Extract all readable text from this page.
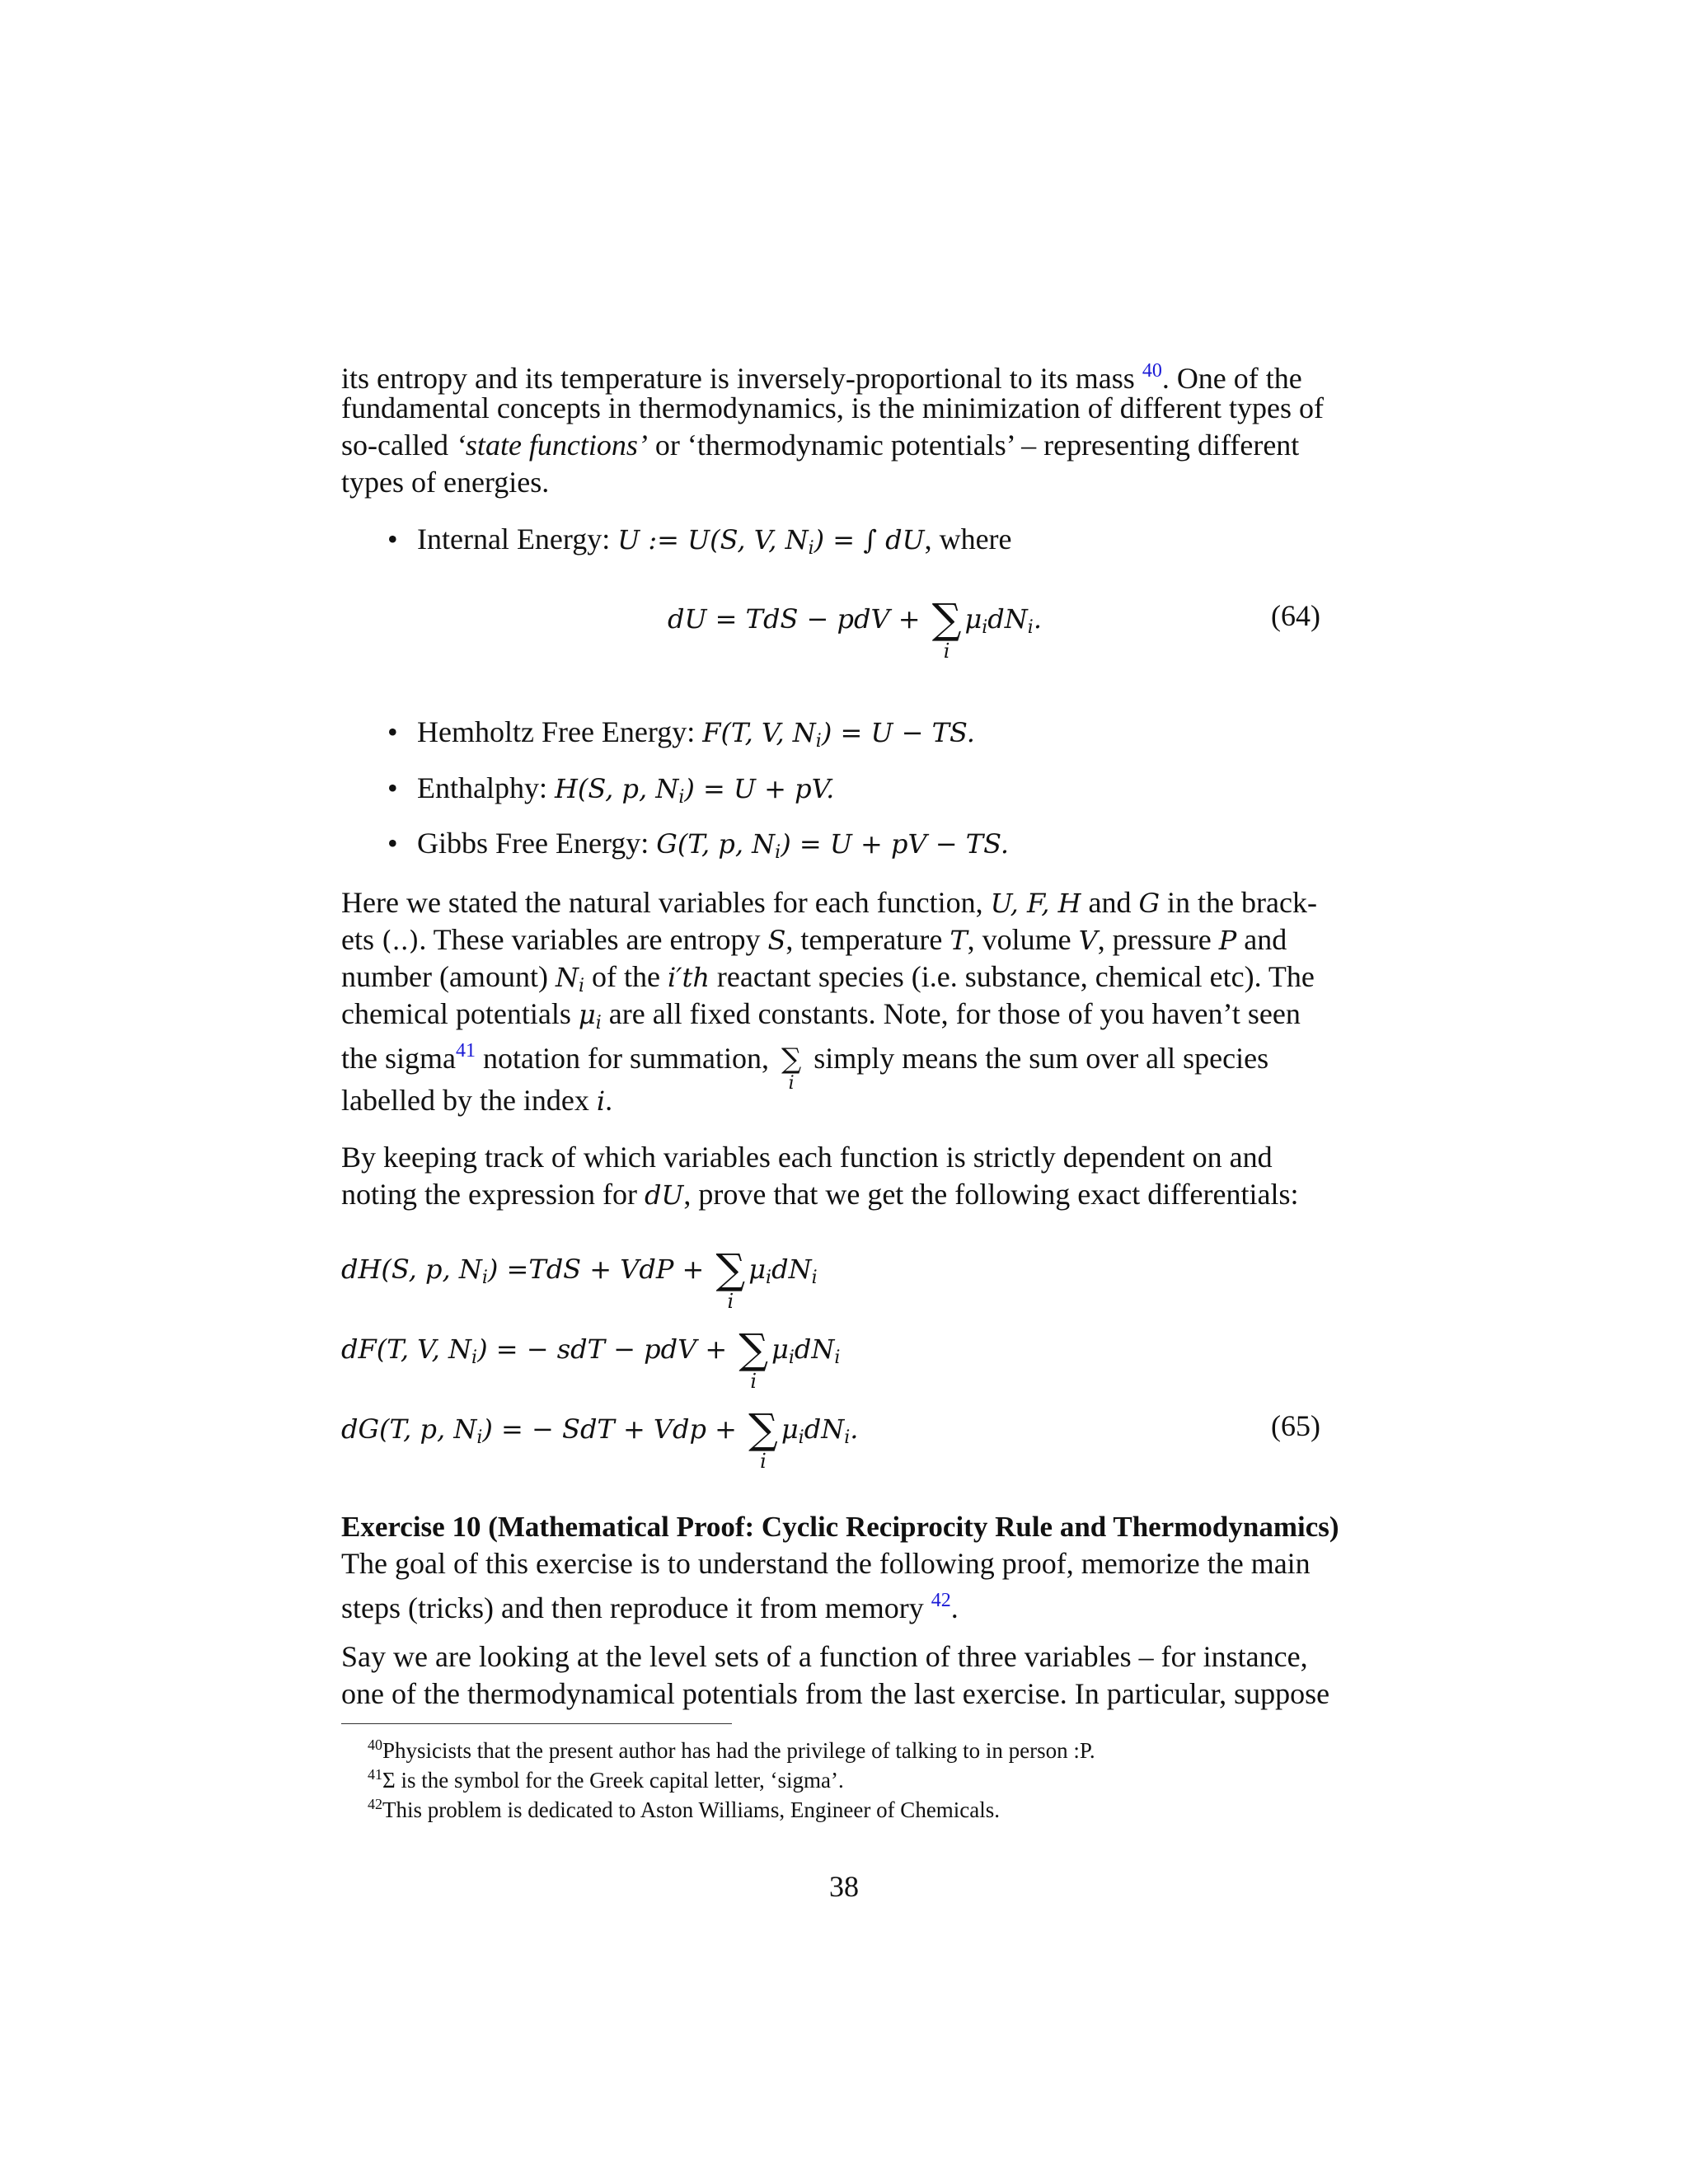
its entropy and its temperature is inversely-proportional to its mass $^{40}$. One of the
fundamental concepts in thermodynamics, is the minimization of different types of
so-called ‘state functions’ or ‘thermodynamic potentials’ – representing different
types of energies.
• Internal Energy: U := U(S, V, $N_i$) = ∫ dU, where
dU = TdS − pdV + ∑
i
$\mu_idN_i$.	(64)
• Hemholtz Free Energy: F(T, V, $N_i) = U$ − TS.
• Enthalphy: H(S, p, $N_i) = U$ + pV.
• Gibbs Free Energy: G(T, p, $N_i) = U$ + pV − TS.
Here we stated the natural variables for each function, U, F, H and G in the brack-
ets (..). These variables are entropy S, temperature T, volume V, pressure P and
number (amount) $N_i$ of the i′th reactant species (i.e. substance, chemical etc). The
chemical potentials $\mu_i$ are all fixed constants. Note, for those of you haven’t seen
the sigma$^{41}$ notation for summation, ∑
i
simply means the sum over all species
labelled by the index i.
By keeping track of which variables each function is strictly dependent on and
noting the expression for dU, prove that we get the following exact differentials:
dH(S, p, $N_i) =TdS$ + VdP + ∑
i
$\mu_idN_i$
dF(T, V, $N_i$) = − sdT − pdV + ∑
i
$\mu_idN_i$
dG(T, p, $N_i$) = − SdT + Vdp + ∑
i
$\mu_idN_i$.	(65)
Exercise 10 (Mathematical Proof: Cyclic Reciprocity Rule and Thermodynamics)
The goal of this exercise is to understand the following proof, memorize the main
steps (tricks) and then reproduce it from memory $^{42}$.
Say we are looking at the level sets of a function of three variables – for instance,
one of the thermodynamical potentials from the last exercise. In particular, suppose
$^{40}$Physicists that the present author has had the privilege of talking to in person :P.
$^{41}$Σ is the symbol for the Greek capital letter, ‘sigma’.
$^{42}$This problem is dedicated to Aston Williams, Engineer of Chemicals.
38
